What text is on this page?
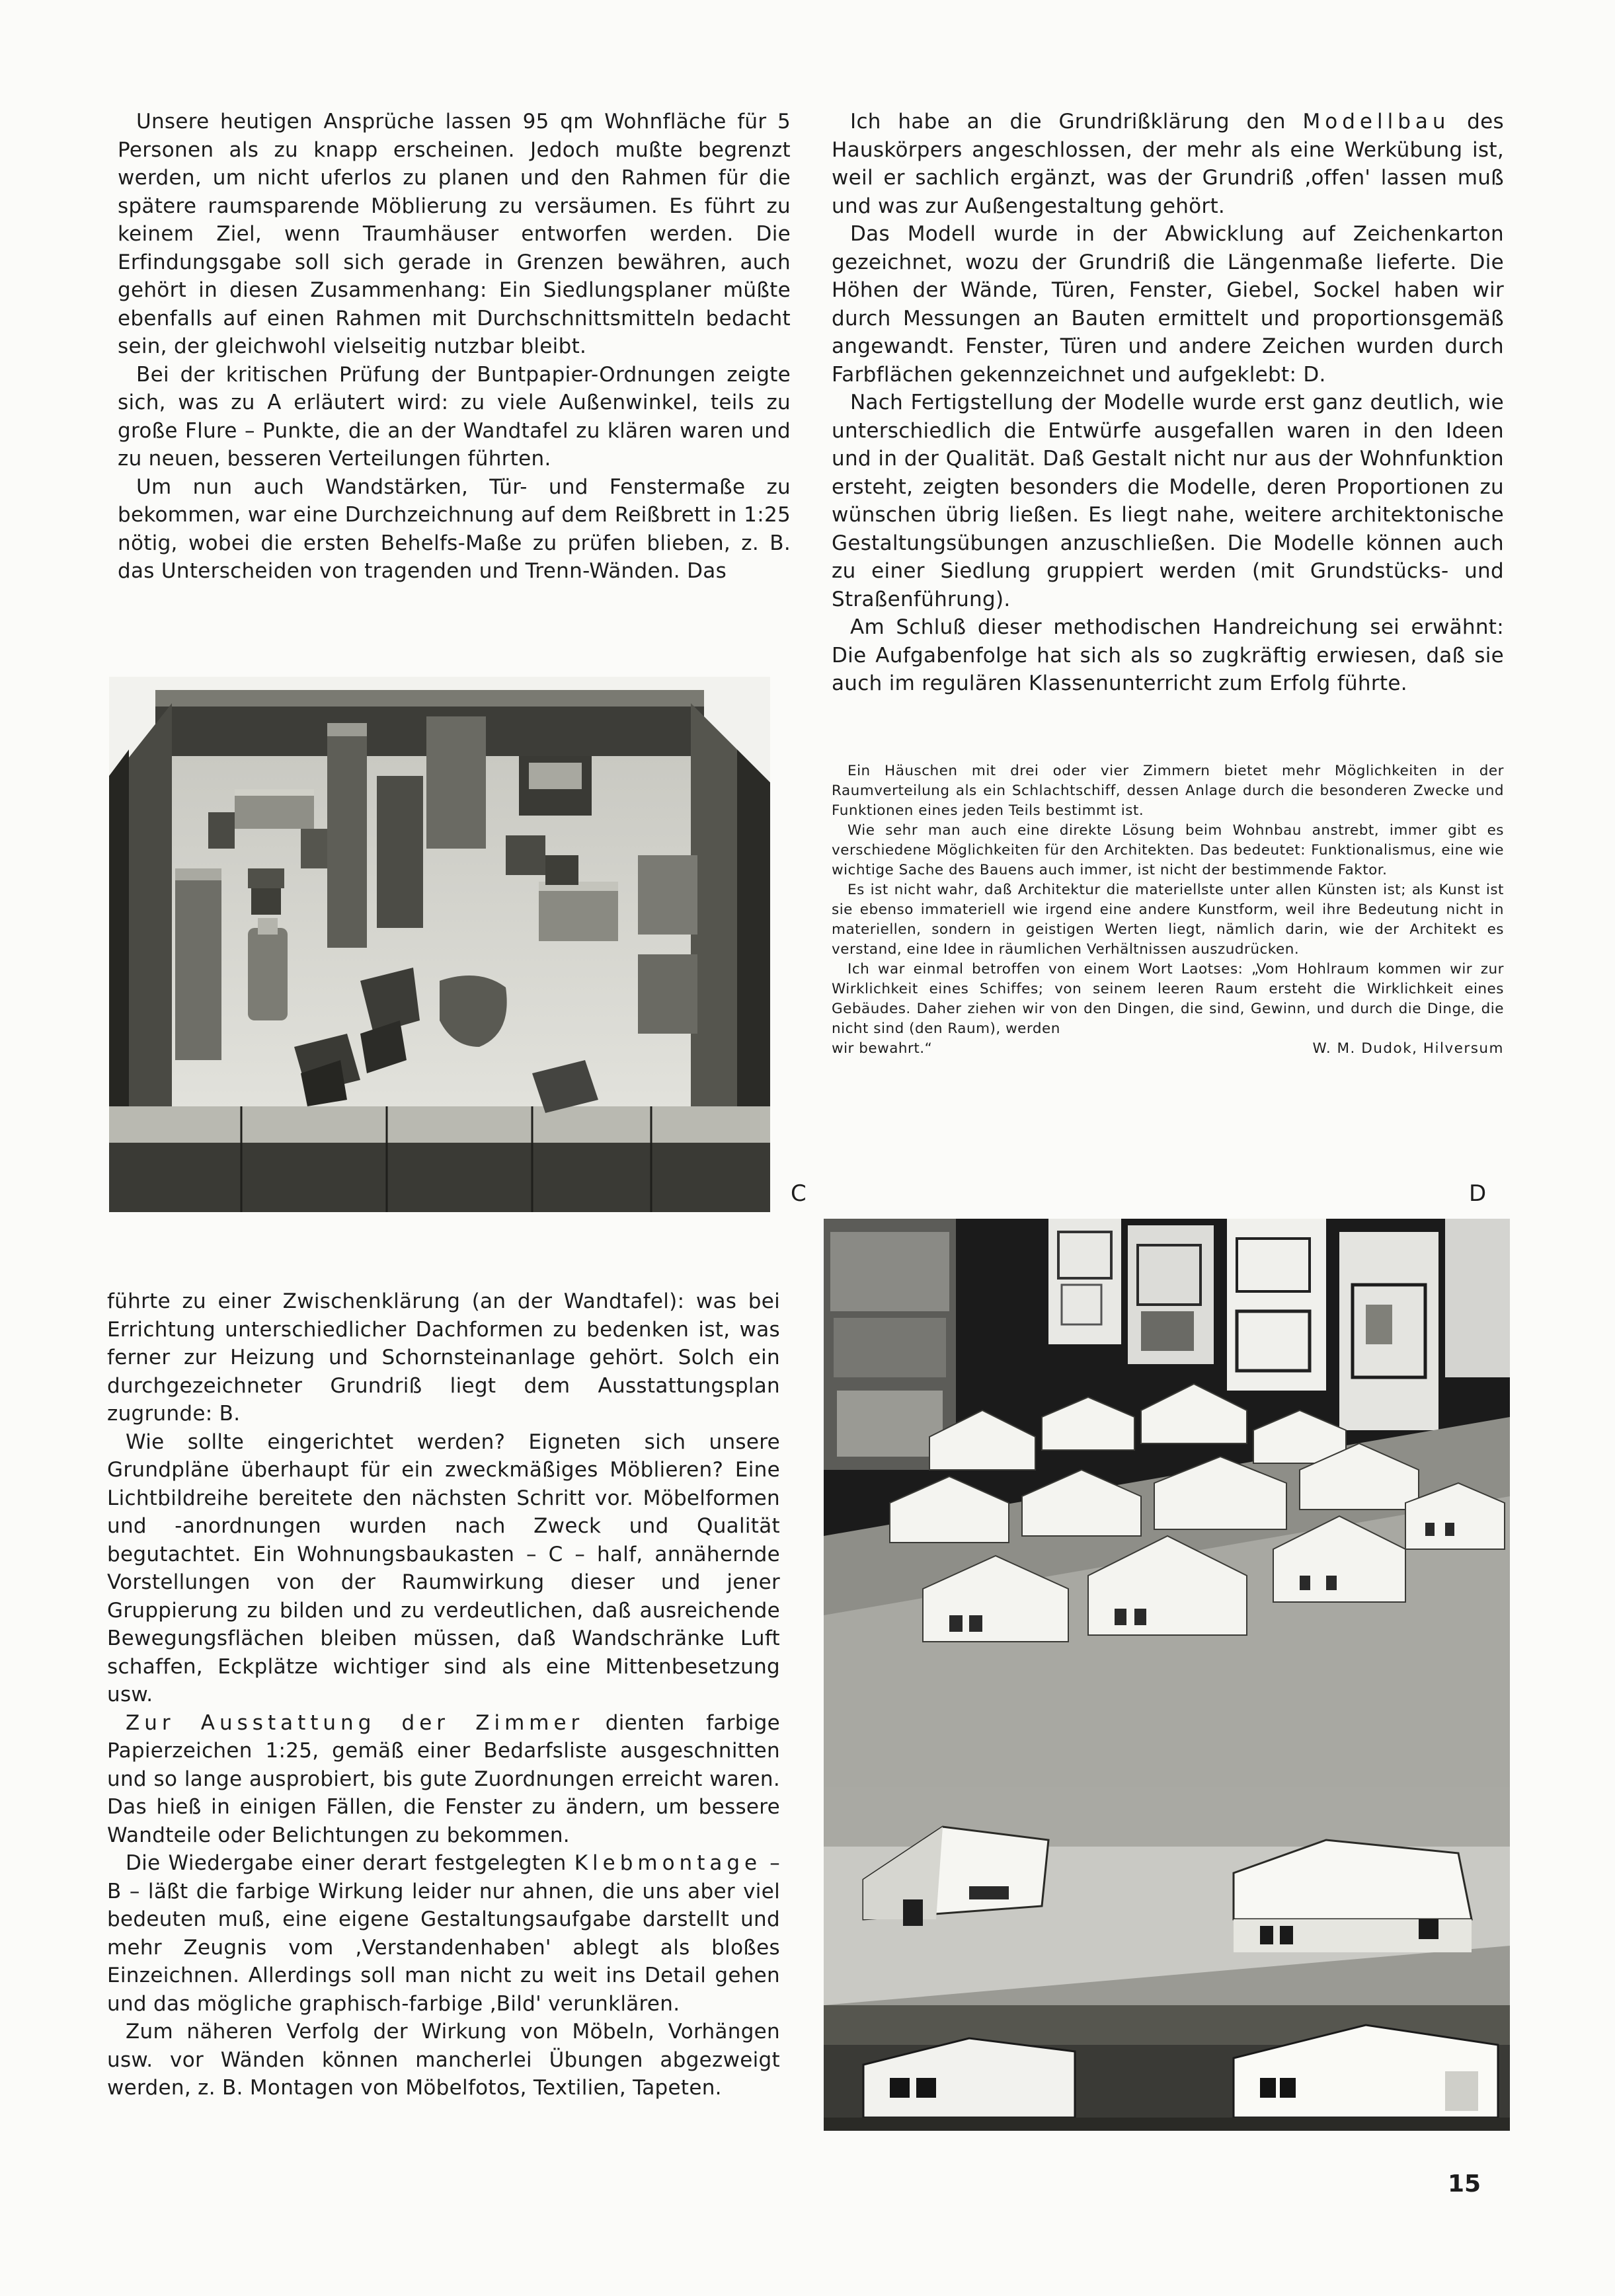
Unsere heutigen Ansprüche lassen 95 qm Wohnfläche für 5 Personen als zu knapp erscheinen. Jedoch mußte begrenzt werden, um nicht uferlos zu planen und den Rahmen für die spätere raumsparende Möblierung zu versäumen. Es führt zu keinem Ziel, wenn Traumhäuser entworfen werden. Die Erfindungsgabe soll sich gerade in Grenzen bewähren, auch gehört in diesen Zusammenhang: Ein Siedlungsplaner müßte ebenfalls auf einen Rahmen mit Durchschnittsmitteln bedacht sein, der gleichwohl vielseitig nutzbar bleibt.

Bei der kritischen Prüfung der Buntpapier-Ordnungen zeigte sich, was zu A erläutert wird: zu viele Außenwinkel, teils zu große Flure – Punkte, die an der Wandtafel zu klären waren und zu neuen, besseren Verteilungen führten.

Um nun auch Wandstärken, Tür- und Fenstermaße zu bekommen, war eine Durchzeichnung auf dem Reißbrett in 1:25 nötig, wobei die ersten Behelfs-Maße zu prüfen blieben, z. B. das Unterscheiden von tragenden und Trenn-Wänden. Das

Ich habe an die Grundrißklärung den Modellbau des Hauskörpers angeschlossen, der mehr als eine Werkübung ist, weil er sachlich ergänzt, was der Grundriß ‚offen' lassen muß und was zur Außengestaltung gehört.

Das Modell wurde in der Abwicklung auf Zeichenkarton gezeichnet, wozu der Grundriß die Längenmaße lieferte. Die Höhen der Wände, Türen, Fenster, Giebel, Sockel haben wir durch Messungen an Bauten ermittelt und proportionsgemäß angewandt. Fenster, Türen und andere Zeichen wurden durch Farbflächen gekennzeichnet und aufgeklebt: D.

Nach Fertigstellung der Modelle wurde erst ganz deutlich, wie unterschiedlich die Entwürfe ausgefallen waren in den Ideen und in der Qualität. Daß Gestalt nicht nur aus der Wohnfunktion ersteht, zeigten besonders die Modelle, deren Proportionen zu wünschen übrig ließen. Es liegt nahe, weitere architektonische Gestaltungsübungen anzuschließen. Die Modelle können auch zu einer Siedlung gruppiert werden (mit Grundstücks- und Straßenführung).

Am Schluß dieser methodischen Handreichung sei erwähnt: Die Aufgabenfolge hat sich als so zugkräftig erwiesen, daß sie auch im regulären Klassenunterricht zum Erfolg führte.

Ein Häuschen mit drei oder vier Zimmern bietet mehr Möglichkeiten in der Raumverteilung als ein Schlachtschiff, dessen Anlage durch die besonderen Zwecke und Funktionen eines jeden Teils bestimmt ist.

Wie sehr man auch eine direkte Lösung beim Wohnbau anstrebt, immer gibt es verschiedene Möglichkeiten für den Architekten. Das bedeutet: Funktionalismus, eine wie wichtige Sache des Bauens auch immer, ist nicht der bestimmende Faktor.

Es ist nicht wahr, daß Architektur die materiellste unter allen Künsten ist; als Kunst ist sie ebenso immateriell wie irgend eine andere Kunstform, weil ihre Bedeutung nicht in materiellen, sondern in geistigen Werten liegt, nämlich darin, wie der Architekt es verstand, eine Idee in räumlichen Verhältnissen auszudrücken.

Ich war einmal betroffen von einem Wort Laotses: „Vom Hohlraum kommen wir zur Wirklichkeit eines Schiffes; von seinem leeren Raum ersteht die Wirklichkeit eines Gebäudes. Daher ziehen wir von den Dingen, die sind, Gewinn, und durch die Dinge, die nicht sind (den Raum), werden

wir bewahrt.“	W. M. Dudok, Hilversum

C	D

führte zu einer Zwischenklärung (an der Wandtafel): was bei Errichtung unterschiedlicher Dachformen zu bedenken ist, was ferner zur Heizung und Schornsteinanlage gehört. Solch ein durchgezeichneter Grundriß liegt dem Ausstattungsplan zugrunde: B.

Wie sollte eingerichtet werden? Eigneten sich unsere Grundpläne überhaupt für ein zweckmäßiges Möblieren? Eine Lichtbildreihe bereitete den nächsten Schritt vor. Möbelformen und -anordnungen wurden nach Zweck und Qualität begutachtet. Ein Wohnungsbaukasten – C – half, annähernde Vorstellungen von der Raumwirkung dieser und jener Gruppierung zu bilden und zu verdeutlichen, daß ausreichende Bewegungsflächen bleiben müssen, daß Wandschränke Luft schaffen, Eckplätze wichtiger sind als eine Mittenbesetzung usw.

Zur Ausstattung der Zimmer dienten farbige Papierzeichen 1:25, gemäß einer Bedarfsliste ausgeschnitten und so lange ausprobiert, bis gute Zuordnungen erreicht waren. Das hieß in einigen Fällen, die Fenster zu ändern, um bessere Wandteile oder Belichtungen zu bekommen.

Die Wiedergabe einer derart festgelegten Klebmontage – B – läßt die farbige Wirkung leider nur ahnen, die uns aber viel bedeuten muß, eine eigene Gestaltungsaufgabe darstellt und mehr Zeugnis vom ‚Verstandenhaben' ablegt als bloßes Einzeichnen. Allerdings soll man nicht zu weit ins Detail gehen und das mögliche graphisch-farbige ‚Bild' verunklären.

Zum näheren Verfolg der Wirkung von Möbeln, Vorhängen usw. vor Wänden können mancherlei Übungen abgezweigt werden, z. B. Montagen von Möbelfotos, Textilien, Tapeten.

15
